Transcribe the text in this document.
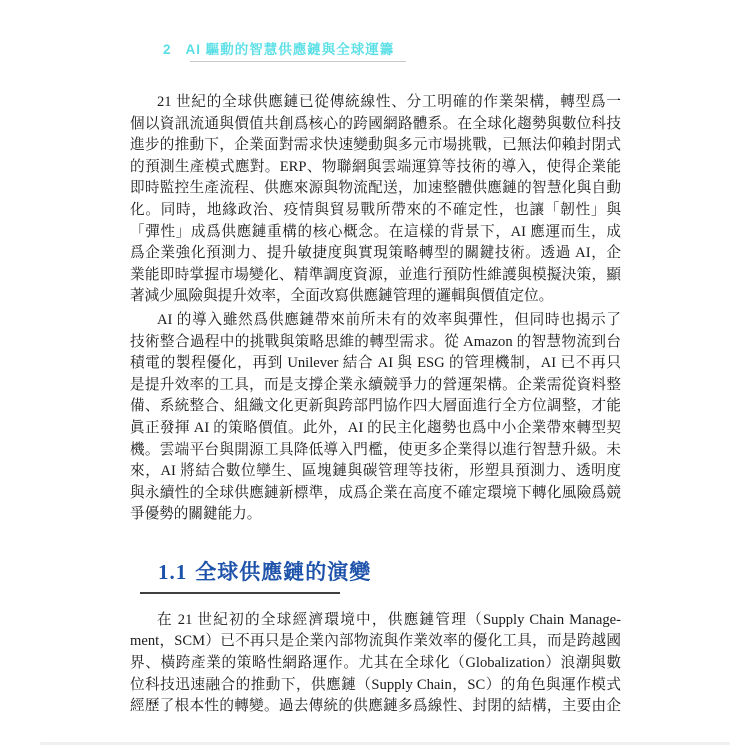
2 AI 驅動的智慧供應鏈與全球運籌
21 世紀的全球供應鏈已從傳統線性、分工明確的作業架構，轉型爲一
個以資訊流通與價值共創爲核心的跨國網路體系。在全球化趨勢與數位科技
進步的推動下，企業面對需求快速變動與多元市場挑戰，已無法仰賴封閉式
的預測生產模式應對。ERP、物聯網與雲端運算等技術的導入，使得企業能
即時監控生產流程、供應來源與物流配送，加速整體供應鏈的智慧化與自動
化。同時，地緣政治、疫情與貿易戰所帶來的不確定性，也讓「韌性」與
「彈性」成爲供應鏈重構的核心概念。在這樣的背景下，AI 應運而生，成
爲企業強化預測力、提升敏捷度與實現策略轉型的關鍵技術。透過 AI，企
業能即時掌握市場變化、精準調度資源，並進行預防性維護與模擬決策，顯
著減少風險與提升效率，全面改寫供應鏈管理的邏輯與價值定位。
AI 的導入雖然爲供應鏈帶來前所未有的效率與彈性，但同時也揭示了
技術整合過程中的挑戰與策略思維的轉型需求。從 Amazon 的智慧物流到台
積電的製程優化，再到 Unilever 結合 AI 與 ESG 的管理機制，AI 已不再只
是提升效率的工具，而是支撐企業永續競爭力的營運架構。企業需從資料整
備、系統整合、組織文化更新與跨部門協作四大層面進行全方位調整，才能
眞正發揮 AI 的策略價值。此外，AI 的民主化趨勢也爲中小企業帶來轉型契
機。雲端平台與開源工具降低導入門檻，使更多企業得以進行智慧升級。未
來，AI 將結合數位孿生、區塊鏈與碳管理等技術，形塑具預測力、透明度
與永續性的全球供應鏈新標準，成爲企業在高度不確定環境下轉化風險爲競
爭優勢的關鍵能力。
1.1 全球供應鏈的演變
在 21 世紀初的全球經濟環境中，供應鏈管理（Supply Chain Manage-
ment，SCM）已不再只是企業內部物流與作業效率的優化工具，而是跨越國
界、橫跨產業的策略性網路運作。尤其在全球化（Globalization）浪潮與數
位科技迅速融合的推動下，供應鏈（Supply Chain，SC）的角色與運作模式
經歷了根本性的轉變。過去傳統的供應鏈多爲線性、封閉的結構，主要由企
